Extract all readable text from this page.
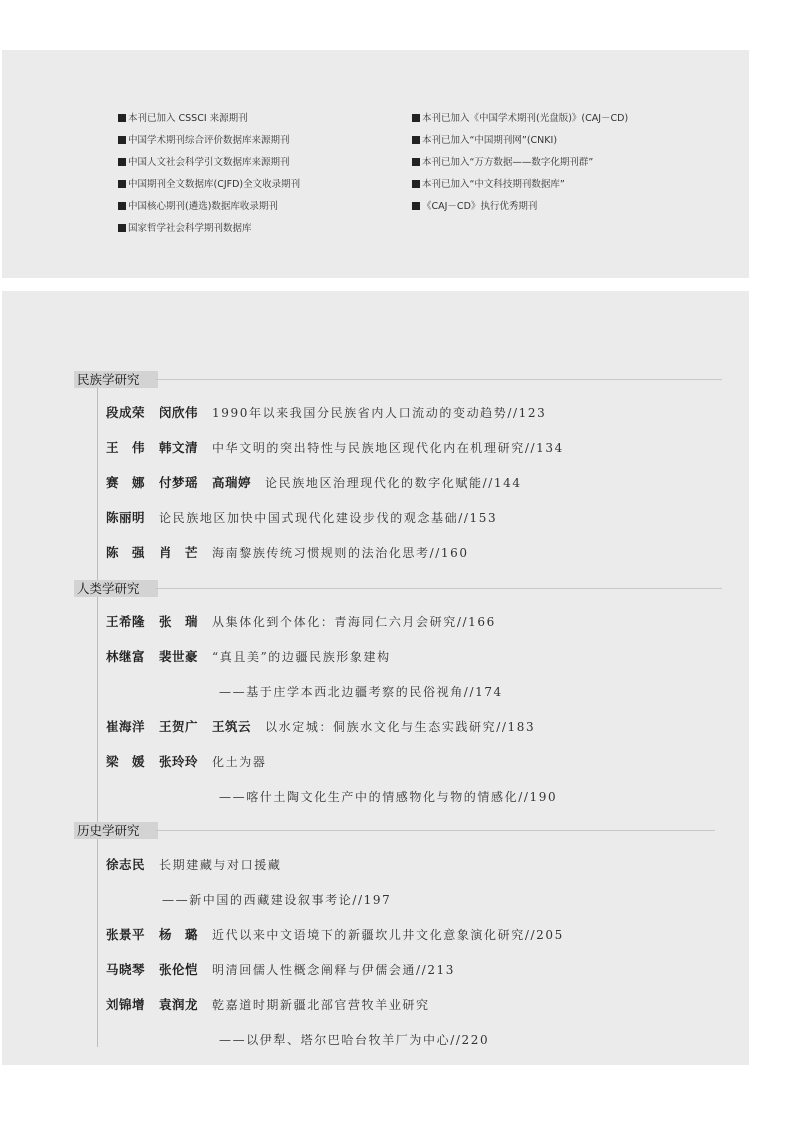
本刊已加入 CSSCI 来源期刊
中国学术期刊综合评价数据库来源期刊
中国人文社会科学引文数据库来源期刊
中国期刊全文数据库(CJFD)全文收录期刊
中国核心期刊(遴选)数据库收录期刊
国家哲学社会科学期刊数据库
本刊已加入《中国学术期刊(光盘版)》(CAJ－CD)
本刊已加入“中国期刊网”(CNKI)
本刊已加入“万方数据——数字化期刊群”
本刊已加入“中文科技期刊数据库”
《CAJ－CD》执行优秀期刊
民族学研究
段成荣 闵欣伟 1990年以来我国分民族省内人口流动的变动趋势//123
王　伟 韩文清 中华文明的突出特性与民族地区现代化内在机理研究//134
赛　娜 付梦瑶 高瑞婷 论民族地区治理现代化的数字化赋能//144
陈丽明 论民族地区加快中国式现代化建设步伐的观念基础//153
陈　强 肖　芒 海南黎族传统习惯规则的法治化思考//160
人类学研究
王希隆 张　瑞 从集体化到个体化：青海同仁六月会研究//166
林继富 裴世豪 “真且美”的边疆民族形象建构
——基于庄学本西北边疆考察的民俗视角//174
崔海洋 王贺广 王筑云 以水定城：侗族水文化与生态实践研究//183
梁　媛 张玲玲 化土为器
——喀什土陶文化生产中的情感物化与物的情感化//190
历史学研究
徐志民 长期建藏与对口援藏
——新中国的西藏建设叙事考论//197
张景平 杨　璐 近代以来中文语境下的新疆坎儿井文化意象演化研究//205
马晓琴 张伦恺 明清回儒人性概念阐释与伊儒会通//213
刘锦增 袁润龙 乾嘉道时期新疆北部官营牧羊业研究
——以伊犁、塔尔巴哈台牧羊厂为中心//220
